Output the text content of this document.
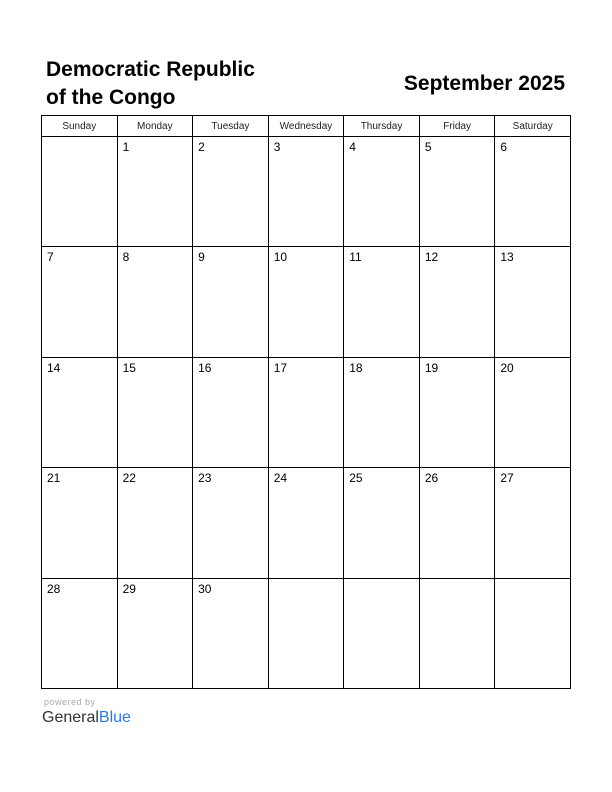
Democratic Republic
of the Congo
September 2025
Sunday	Monday	Tuesday	Wednesday	Thursday	Friday	Saturday
	1	2	3	4	5	6
7	8	9	10	11	12	13
14	15	16	17	18	19	20
21	22	23	24	25	26	27
28	29	30				
powered by
GeneralBlue
